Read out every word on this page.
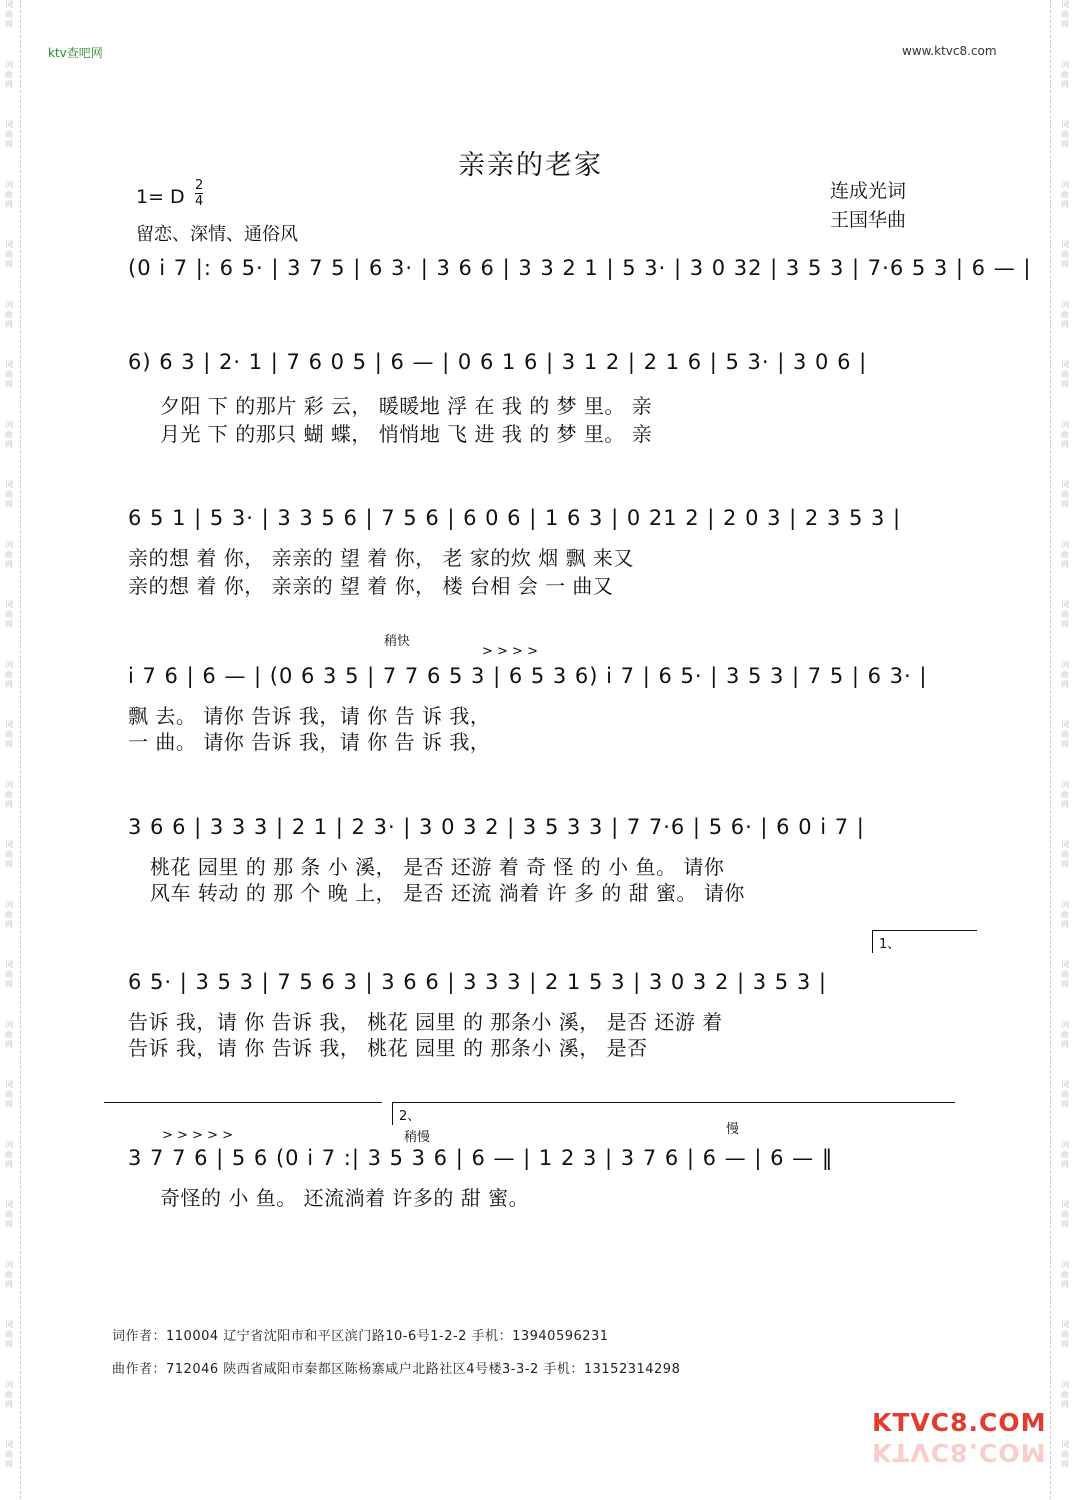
词
曲
网
词
曲
网
词
曲
网
词
曲
网
词
曲
网
词
曲
网
词
曲
网
词
曲
网
词
曲
网
词
曲
网
词
曲
网
词
曲
网
词
曲
网
词
曲
网
词
曲
网
词
曲
网
词
曲
网
词
曲
网
词
曲
网
词
曲
网
词
曲
网
词
曲
网
词
曲
网
词
曲
网
词
曲
网
词
曲
网
词
曲
网
词
曲
网
词
曲
网
词
曲
网
词
曲
网
词
曲
网
词
曲
网
词
曲
网
词
曲
网
词
曲
网
词
曲
网
词
曲
网
词
曲
网
词
曲
网
词
曲
网
词
曲
网
词
曲
网
词
曲
网
词
曲
网
词
曲
网
词
曲
网
词
曲
网
词
曲
网
词
曲
网
ktv查吧网	www.ktvc8.com
亲亲的老家
1= D $\frac{2}{4}$
留恋、深情、通俗风
连成光词
王国华曲
(0 i 7 |: 6 5· | 3 7 5 | 6 3· | 3 6 6 | 3 3 2 1 | 5 3· | 3 0 32 | 3 5 3 | 7·6 5 3 | 6 — |
6) 6 3 | 2· 1 | 7 6 0 5 | 6 — | 0 6 1 6 | 3 1 2 | 2 1 6 | 5 3· | 3 0 6 |
夕阳 下 的那片 彩 云， 暖暖地 浮 在 我 的 梦 里。 亲
月光 下 的那只 蝴 蝶， 悄悄地 飞 进 我 的 梦 里。 亲
6 5 1 | 5 3· | 3 3 5 6 | 7 5 6 | 6 0 6 | 1 6 3 | 0 21 2 | 2 0 3 | 2 3 5 3 |
亲的想 着 你， 亲亲的 望 着 你， 老 家的炊 烟 飘 来又
亲的想 着 你， 亲亲的 望 着 你， 楼 台相 会 一 曲又
稍快
> > > >
i 7 6 | 6 — | (0 6 3 5 | 7 7 6 5 3 | 6 5 3 6) i 7 | 6 5· | 3 5 3 | 7 5 | 6 3· |
飘 去。 请你 告诉 我，请 你 告 诉 我，
一 曲。 请你 告诉 我，请 你 告 诉 我，
3 6 6 | 3 3 3 | 2 1 | 2 3· | 3 0 3 2 | 3 5 3 3 | 7 7·6 | 5 6· | 6 0 i 7 |
桃花 园里 的 那 条 小 溪， 是否 还游 着 奇 怪 的 小 鱼。 请你
风车 转动 的 那 个 晚 上， 是否 还流 淌着 许 多 的 甜 蜜。 请你
1、
6 5· | 3 5 3 | 7 5 6 3 | 3 6 6 | 3 3 3 | 2 1 5 3 | 3 0 3 2 | 3 5 3 |
告诉 我，请 你 告诉 我， 桃花 园里 的 那条小 溪， 是否 还游 着
告诉 我，请 你 告诉 我， 桃花 园里 的 那条小 溪， 是否
2、
> > > > >	稍慢
慢
3 7 7 6 | 5 6 (0 i 7 :| 3 5 3 6 | 6 — | 1 2 3 | 3 7 6 | 6 — | 6 — ‖
奇怪的 小 鱼。 还流淌着 许多的 甜 蜜。
词作者：110004 辽宁省沈阳市和平区滨门路10-6号1-2-2 手机：13940596231
曲作者：712046 陕西省咸阳市秦都区陈杨寨咸户北路社区4号楼3-3-2 手机：13152314298
KTVC8.COM
KTVC8.COM
